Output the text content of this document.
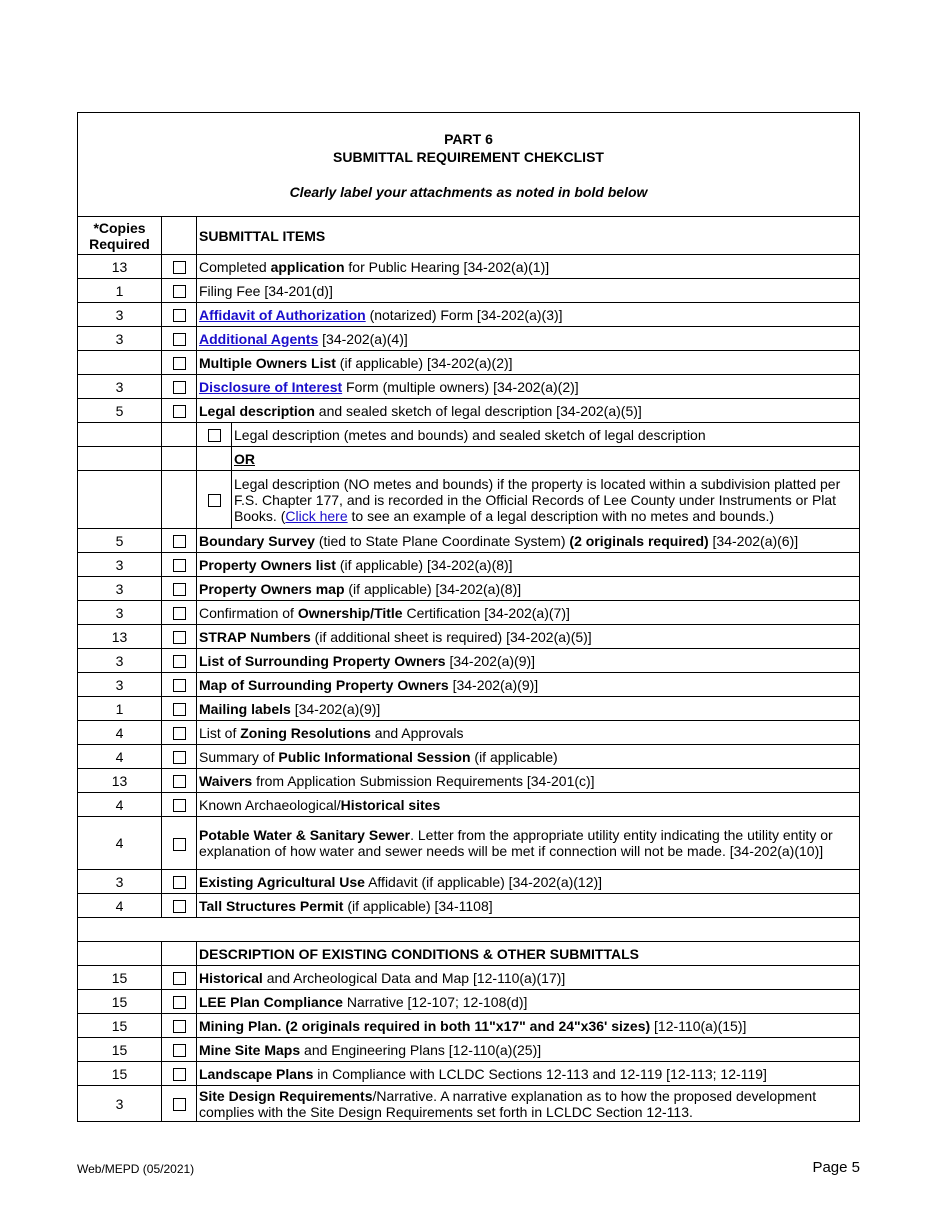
PART 6
SUBMITTAL REQUIREMENT CHEKCLIST
Clearly label your attachments as noted in bold below
*Copies
Required		SUBMITTAL ITEMS
13		Completed application for Public Hearing [34-202(a)(1)]
1		Filing Fee [34-201(d)]
3		Affidavit of Authorization (notarized) Form [34-202(a)(3)]
3		Additional Agents [34-202(a)(4)]
		Multiple Owners List (if applicable) [34-202(a)(2)]
3		Disclosure of Interest Form (multiple owners) [34-202(a)(2)]
5		Legal description and sealed sketch of legal description [34-202(a)(5)]

	Legal description (metes and bounds) and sealed sketch of legal description

	OR

	Legal description (NO metes and bounds) if the property is located within a subdivision platted per F.S. Chapter 177, and is recorded in the Official Records of Lee County under Instruments or Plat Books. (Click here to see an example of a legal description with no metes and bounds.)

5		Boundary Survey (tied to State Plane Coordinate System) (2 originals required) [34-202(a)(6)]
3		Property Owners list (if applicable) [34-202(a)(8)]
3		Property Owners map (if applicable) [34-202(a)(8)]
3		Confirmation of Ownership/Title Certification [34-202(a)(7)]
13		STRAP Numbers (if additional sheet is required) [34-202(a)(5)]
3		List of Surrounding Property Owners [34-202(a)(9)]
3		Map of Surrounding Property Owners [34-202(a)(9)]
1		Mailing labels [34-202(a)(9)]
4		List of Zoning Resolutions and Approvals
4		Summary of Public Informational Session (if applicable)
13		Waivers from Application Submission Requirements [34-201(c)]
4		Known Archaeological/Historical sites
4		Potable Water & Sanitary Sewer. Letter from the appropriate utility entity indicating the utility entity or explanation of how water and sewer needs will be met if connection will not be made. [34-202(a)(10)]
3		Existing Agricultural Use Affidavit (if applicable) [34-202(a)(12)]
4		Tall Structures Permit (if applicable) [34-1108]

		DESCRIPTION OF EXISTING CONDITIONS & OTHER SUBMITTALS
15		Historical and Archeological Data and Map [12-110(a)(17)]
15		LEE Plan Compliance Narrative [12-107; 12-108(d)]
15		Mining Plan. (2 originals required in both 11"x17" and 24"x36' sizes) [12-110(a)(15)]
15		Mine Site Maps and Engineering Plans [12-110(a)(25)]
15		Landscape Plans in Compliance with LCLDC Sections 12-113 and 12-119 [12-113; 12-119]
3		Site Design Requirements/Narrative. A narrative explanation as to how the proposed development complies with the Site Design Requirements set forth in LCLDC Section 12-113.
Web/MEPD (05/2021)	Page 5
